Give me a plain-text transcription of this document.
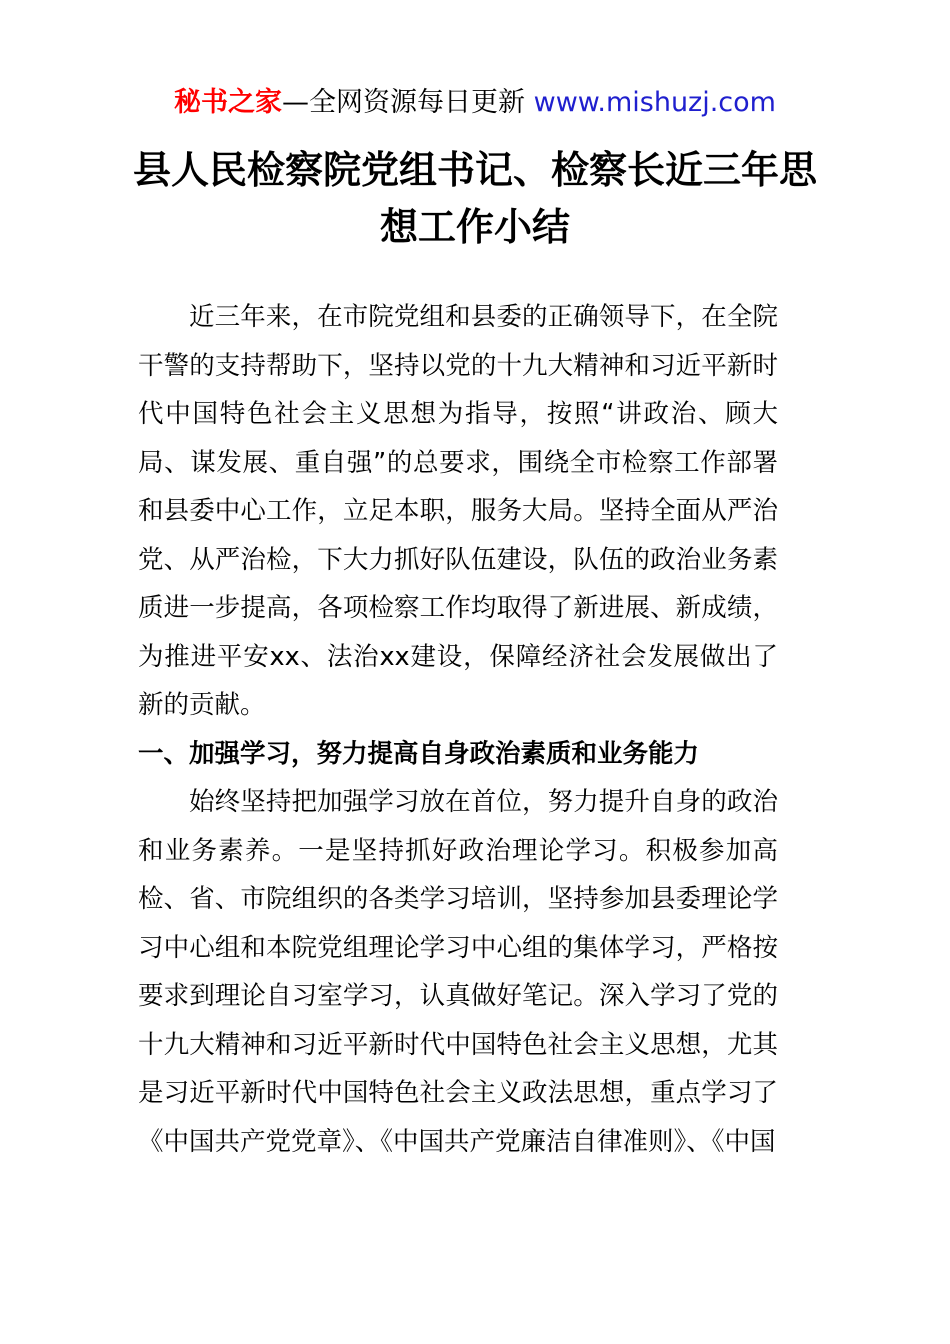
秘书之家—全网资源每日更新 www.mishuzj.com
县人民检察院党组书记、检察长近三年思
想工作小结

近三年来，在市院党组和县委的正确领导下，在全院干警的支持帮助下，坚持以党的十九大精神和习近平新时代中国特色社会主义思想为指导，按照“讲政治、顾大局、谋发展、重自强”的总要求，围绕全市检察工作部署和县委中心工作，立足本职，服务大局。坚持全面从严治党、从严治检，下大力抓好队伍建设，队伍的政治业务素质进一步提高，各项检察工作均取得了新进展、新成绩，为推进平安xx、法治xx建设，保障经济社会发展做出了新的贡献。

一、加强学习，努力提高自身政治素质和业务能力

始终坚持把加强学习放在首位，努力提升自身的政治和业务素养。一是坚持抓好政治理论学习。积极参加高检、省、市院组织的各类学习培训，坚持参加县委理论学习中心组和本院党组理论学习中心组的集体学习，严格按要求到理论自习室学习，认真做好笔记。深入学习了党的十九大精神和习近平新时代中国特色社会主义思想，尤其是习近平新时代中国特色社会主义政法思想，重点学习了《中国共产党党章》、《中国共产党廉洁自律准则》、《中国
